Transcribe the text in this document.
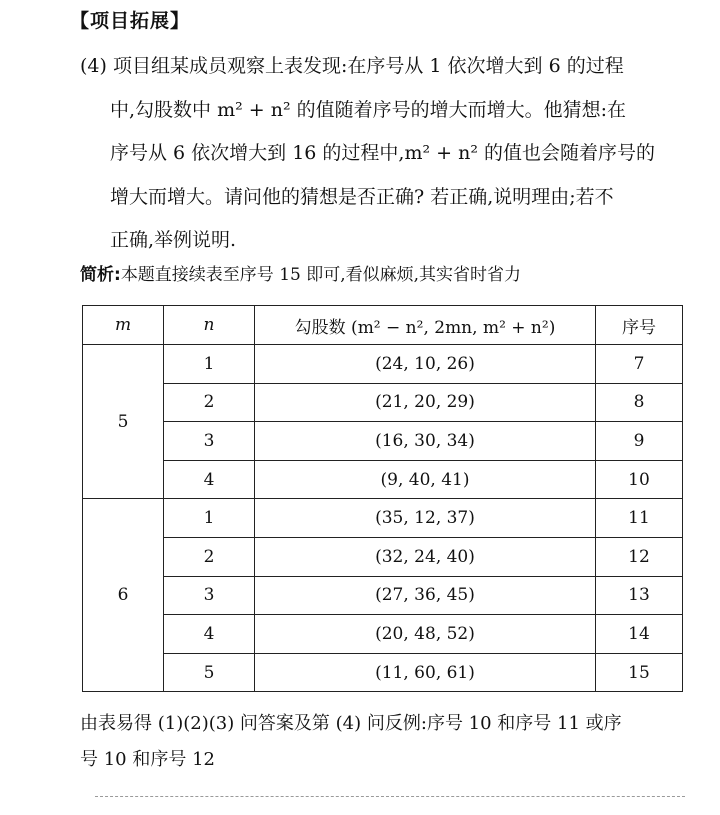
【项目拓展】
(4) 项目组某成员观察上表发现:在序号从 1 依次增大到 6 的过程
中,勾股数中 m² + n² 的值随着序号的增大而增大。他猜想:在
序号从 6 依次增大到 16 的过程中,m² + n² 的值也会随着序号的
增大而增大。请问他的猜想是否正确? 若正确,说明理由;若不
正确,举例说明.
简析:本题直接续表至序号 15 即可,看似麻烦,其实省时省力
m	n	勾股数 (m² − n², 2mn, m² + n²)	序号
5	1	(24, 10, 26)	7
	2	(21, 20, 29)	8
	3	(16, 30, 34)	9
	4	(9, 40, 41)	10
6	1	(35, 12, 37)	11
	2	(32, 24, 40)	12
	3	(27, 36, 45)	13
	4	(20, 48, 52)	14
	5	(11, 60, 61)	15
由表易得 (1)(2)(3) 问答案及第 (4) 问反例:序号 10 和序号 11 或序
号 10 和序号 12
